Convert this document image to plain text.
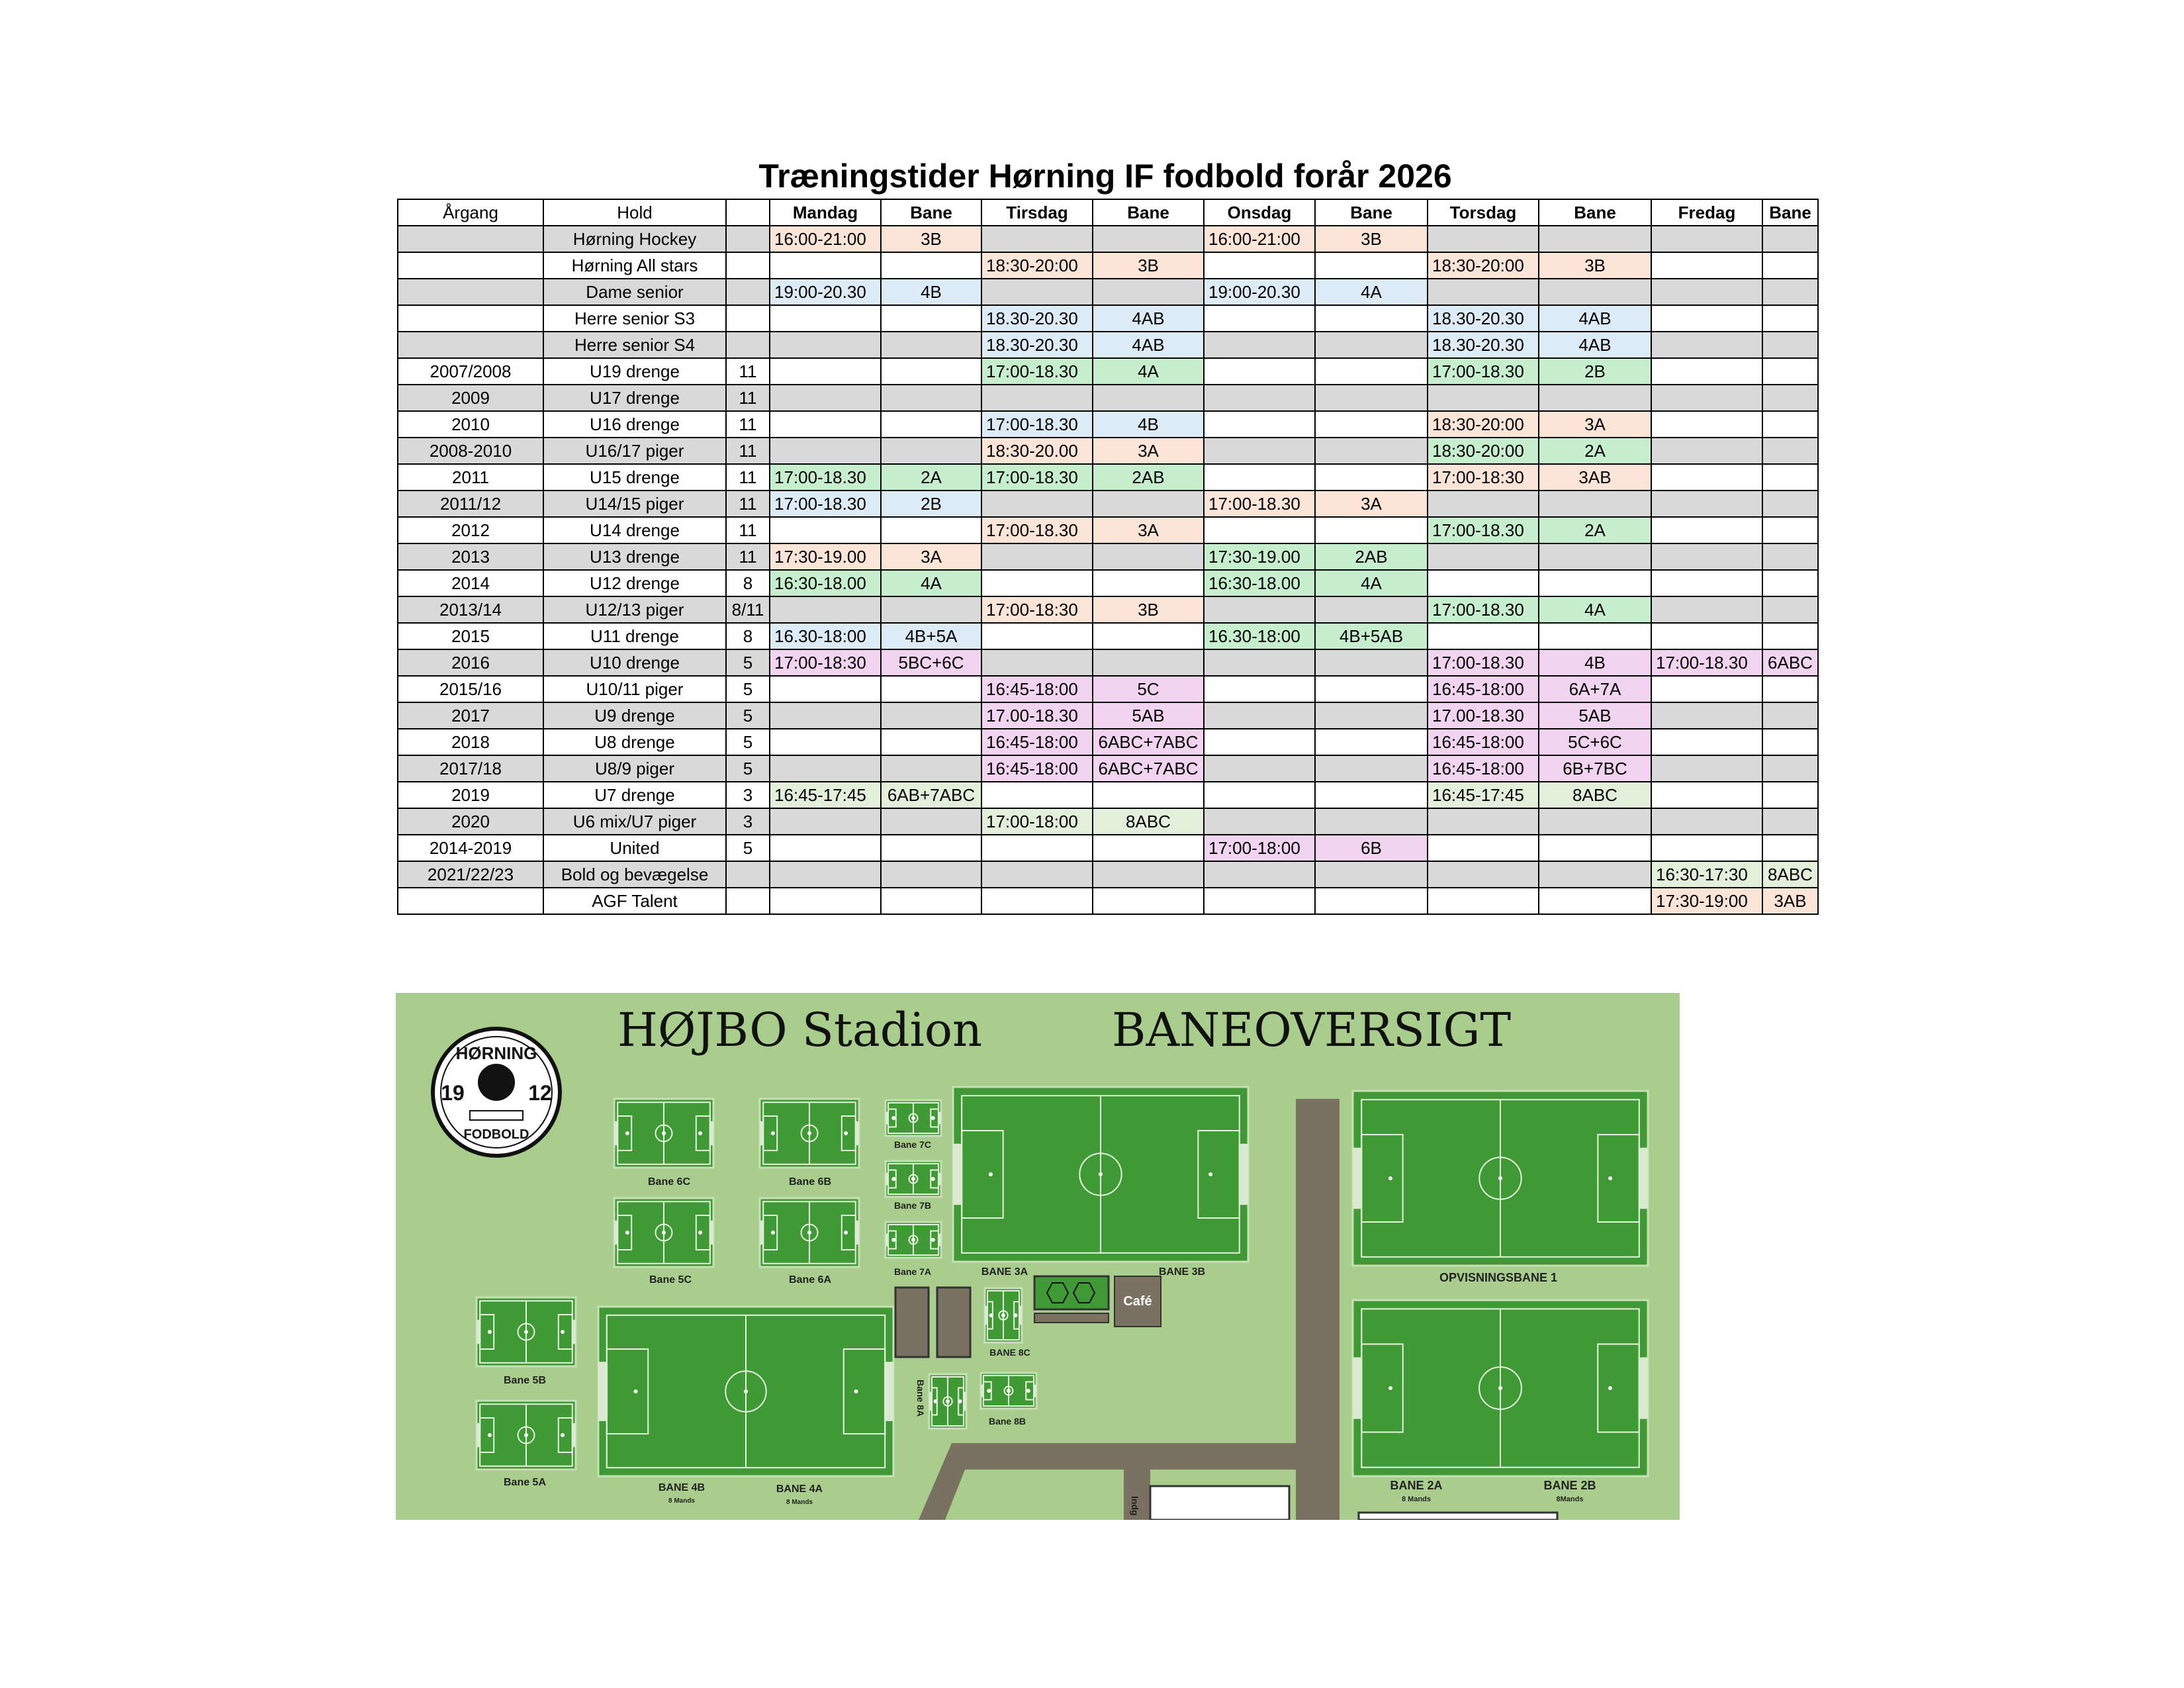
Træningstider Hørning IF fodbold forår 2026
Årgang	Hold		Mandag	Bane	Tirsdag	Bane	Onsdag	Bane	Torsdag	Bane	Fredag	Bane
	Hørning Hockey		16:00-21:00	3B			16:00-21:00	3B				
	Hørning All stars				18:30-20:00	3B			18:30-20:00	3B		
	Dame senior		19:00-20.30	4B			19:00-20.30	4A				
	Herre senior S3				18.30-20.30	4AB			18.30-20.30	4AB		
	Herre senior S4				18.30-20.30	4AB			18.30-20.30	4AB		
2007/2008	U19 drenge	11			17:00-18.30	4A			17:00-18.30	2B		
2009	U17 drenge	11										
2010	U16 drenge	11			17:00-18.30	4B			18:30-20:00	3A		
2008-2010	U16/17 piger	11			18:30-20.00	3A			18:30-20:00	2A		
2011	U15 drenge	11	17:00-18.30	2A	17:00-18.30	2AB			17:00-18:30	3AB		
2011/12	U14/15 piger	11	17:00-18.30	2B			17:00-18.30	3A				
2012	U14 drenge	11			17:00-18.30	3A			17:00-18.30	2A		
2013	U13 drenge	11	17:30-19.00	3A			17:30-19.00	2AB				
2014	U12 drenge	8	16:30-18.00	4A			16:30-18.00	4A				
2013/14	U12/13 piger	8/11			17:00-18:30	3B			17:00-18.30	4A		
2015	U11 drenge	8	16.30-18:00	4B+5A			16.30-18:00	4B+5AB				
2016	U10 drenge	5	17:00-18:30	5BC+6C					17:00-18.30	4B	17:00-18.30	6ABC
2015/16	U10/11 piger	5			16:45-18:00	5C			16:45-18:00	6A+7A		
2017	U9 drenge	5			17.00-18.30	5AB			17.00-18.30	5AB		
2018	U8 drenge	5			16:45-18:00	6ABC+7ABC			16:45-18:00	5C+6C		
2017/18	U8/9 piger	5			16:45-18:00	6ABC+7ABC			16:45-18:00	6B+7BC		
2019	U7 drenge	3	16:45-17:45	6AB+7ABC					16:45-17:45	8ABC		
2020	U6 mix/U7 piger	3			17:00-18:00	8ABC						
2014-2019	United	5					17:00-18:00	6B				
2021/22/23	Bold og bevægelse										16:30-17:30	8ABC
	AGF Talent										17:30-19:00	3AB
Indg
HØJBO Stadion	BANEOVERSIGT
HØRNING
19	12
FODBOLD
Café
Bane 6C	Bane 6B
Bane 7C
Bane 7B
Bane 7A
Bane 5C	Bane 6A
BANE 3A	BANE 3B	OPVISNINGSBANE 1
BANE 8C
Bane 8A
Bane 8B
Bane 5B
Bane 5A	BANE 4B	BANE 4A
8 Mands	8 Mands
BANE 2A	BANE 2B
8 Mands	8Mands
